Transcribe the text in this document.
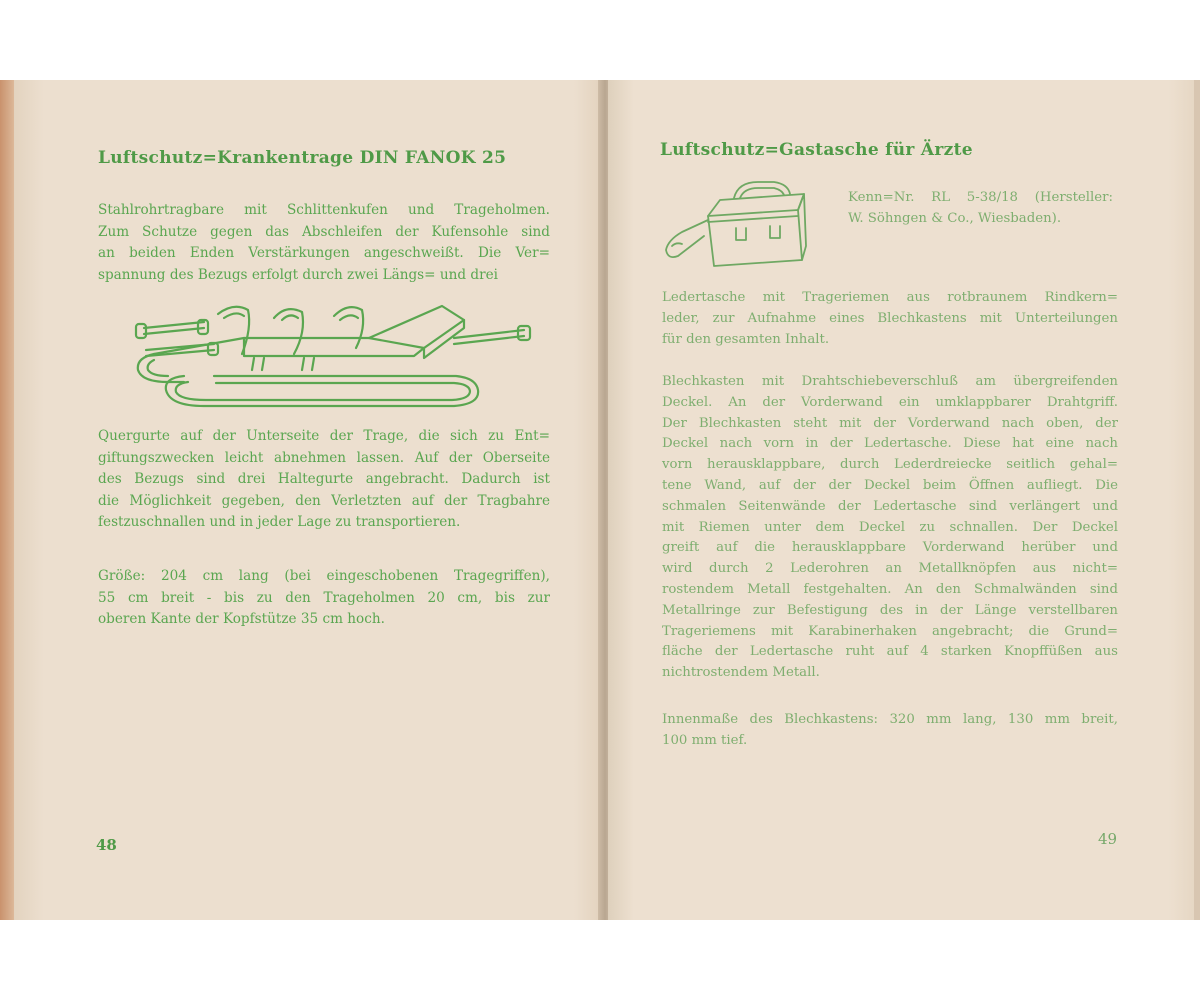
Luftschutz=Krankentrage DIN FANOK 25
Stahlrohrtragbare mit Schlittenkufen und Trageholmen.
Zum Schutze gegen das Abschleifen der Kufensohle sind
an beiden Enden Verstärkungen angeschweißt. Die Ver=
spannung des Bezugs erfolgt durch zwei Längs= und drei
Quergurte auf der Unterseite der Trage, die sich zu Ent=
giftungszwecken leicht abnehmen lassen. Auf der Oberseite
des Bezugs sind drei Haltegurte angebracht. Dadurch ist
die Möglichkeit gegeben, den Verletzten auf der Tragbahre
festzuschnallen und in jeder Lage zu transportieren.
Größe: 204 cm lang (bei eingeschobenen Tragegriffen),
55 cm breit - bis zu den Trageholmen 20 cm, bis zur
oberen Kante der Kopfstütze 35 cm hoch.
48
Luftschutz=Gastasche für Ärzte
Kenn=Nr. RL 5-38/18 (Hersteller:
W. Söhngen & Co., Wiesbaden).
Ledertasche mit Trageriemen aus rotbraunem Rindkern=
leder, zur Aufnahme eines Blechkastens mit Unterteilungen
für den gesamten Inhalt.
Blechkasten mit Drahtschiebeverschluß am übergreifenden
Deckel. An der Vorderwand ein umklappbarer Drahtgriff.
Der Blechkasten steht mit der Vorderwand nach oben, der
Deckel nach vorn in der Ledertasche. Diese hat eine nach
vorn herausklappbare, durch Lederdreiecke seitlich gehal=
tene Wand, auf der der Deckel beim Öffnen aufliegt. Die
schmalen Seitenwände der Ledertasche sind verlängert und
mit Riemen unter dem Deckel zu schnallen. Der Deckel
greift auf die herausklappbare Vorderwand herüber und
wird durch 2 Lederohren an Metallknöpfen aus nicht=
rostendem Metall festgehalten. An den Schmalwänden sind
Metallringe zur Befestigung des in der Länge verstellbaren
Trageriemens mit Karabinerhaken angebracht; die Grund=
fläche der Ledertasche ruht auf 4 starken Knopffüßen aus
nichtrostendem Metall.
Innenmaße des Blechkastens: 320 mm lang, 130 mm breit,
100 mm tief.
49
